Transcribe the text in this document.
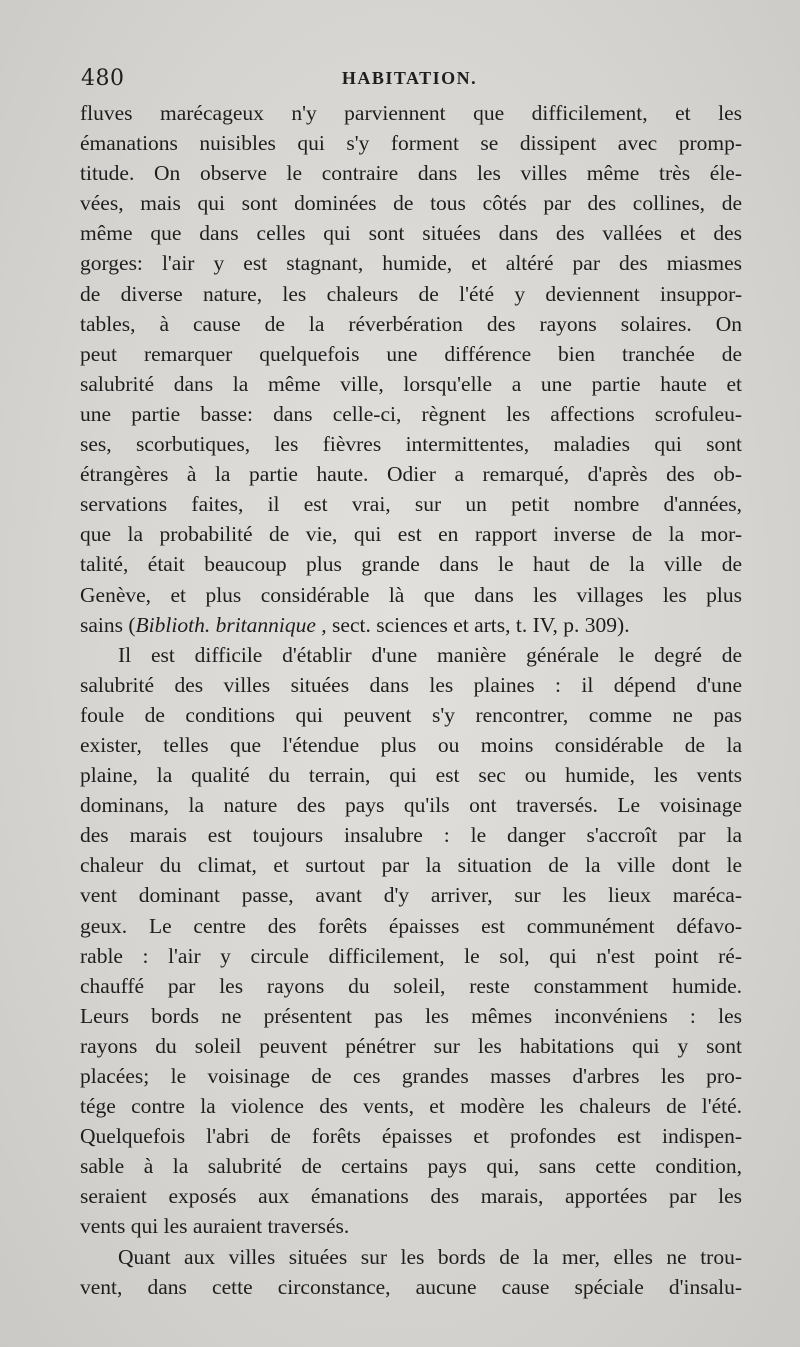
480	HABITATION.

fluves marécageux n'y parviennent que difficilement, et les
émanations nuisibles qui s'y forment se dissipent avec promp-
titude. On observe le contraire dans les villes même très éle-
vées, mais qui sont dominées de tous côtés par des collines, de
même que dans celles qui sont situées dans des vallées et des
gorges: l'air y est stagnant, humide, et altéré par des miasmes
de diverse nature, les chaleurs de l'été y deviennent insuppor-
tables, à cause de la réverbération des rayons solaires. On
peut remarquer quelquefois une différence bien tranchée de
salubrité dans la même ville, lorsqu'elle a une partie haute et
une partie basse: dans celle-ci, règnent les affections scrofuleu-
ses, scorbutiques, les fièvres intermittentes, maladies qui sont
étrangères à la partie haute. Odier a remarqué, d'après des ob-
servations faites, il est vrai, sur un petit nombre d'années,
que la probabilité de vie, qui est en rapport inverse de la mor-
talité, était beaucoup plus grande dans le haut de la ville de
Genève, et plus considérable là que dans les villages les plus
sains (Biblioth. britannique , sect. sciences et arts, t. IV, p. 309).

Il est difficile d'établir d'une manière générale le degré de
salubrité des villes situées dans les plaines : il dépend d'une
foule de conditions qui peuvent s'y rencontrer, comme ne pas
exister, telles que l'étendue plus ou moins considérable de la
plaine, la qualité du terrain, qui est sec ou humide, les vents
dominans, la nature des pays qu'ils ont traversés. Le voisinage
des marais est toujours insalubre : le danger s'accroît par la
chaleur du climat, et surtout par la situation de la ville dont le
vent dominant passe, avant d'y arriver, sur les lieux maréca-
geux. Le centre des forêts épaisses est communément défavo-
rable : l'air y circule difficilement, le sol, qui n'est point ré-
chauffé par les rayons du soleil, reste constamment humide.
Leurs bords ne présentent pas les mêmes inconvéniens : les
rayons du soleil peuvent pénétrer sur les habitations qui y sont
placées; le voisinage de ces grandes masses d'arbres les pro-
tége contre la violence des vents, et modère les chaleurs de l'été.
Quelquefois l'abri de forêts épaisses et profondes est indispen-
sable à la salubrité de certains pays qui, sans cette condition,
seraient exposés aux émanations des marais, apportées par les
vents qui les auraient traversés.

Quant aux villes situées sur les bords de la mer, elles ne trou-
vent, dans cette circonstance, aucune cause spéciale d'insalu-
